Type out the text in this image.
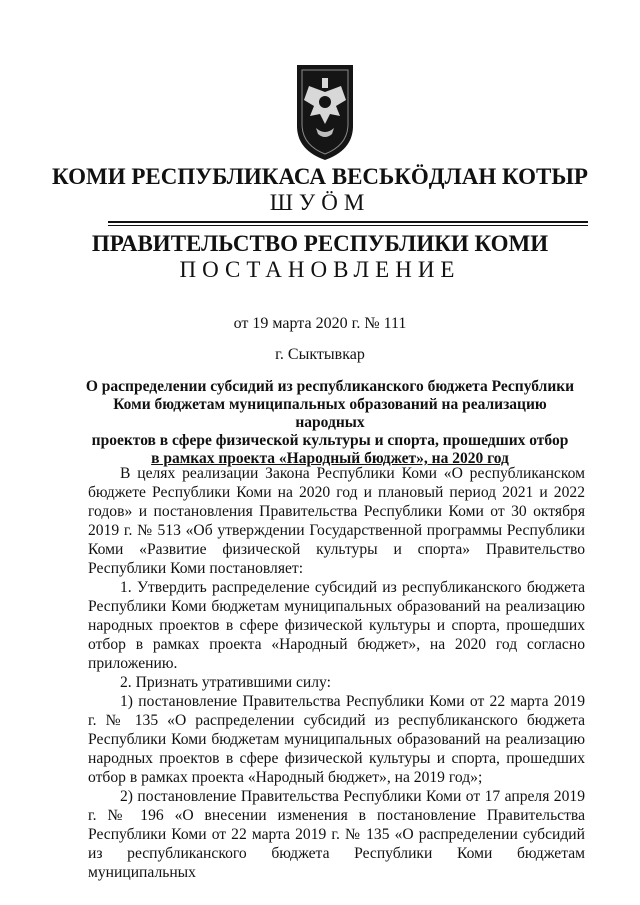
КОМИ РЕСПУБЛИКАСА ВЕСЬКӦДЛАН КОТЫР
ШУӦМ
ПРАВИТЕЛЬСТВО РЕСПУБЛИКИ КОМИ
ПОСТАНОВЛЕНИЕ
от 19 марта 2020 г. № 111
г. Сыктывкар
О распределении субсидий из республиканского бюджета Республики
Коми бюджетам муниципальных образований на реализацию народных
проектов в сфере физической культуры и спорта, прошедших отбор
в рамках проекта «Народный бюджет», на 2020 год

В целях реализации Закона Республики Коми «О республиканском бюджете Республики Коми на 2020 год и плановый период 2021 и 2022 годов» и постановления Правительства Республики Коми от 30 октября 2019 г. № 513 «Об утверждении Государственной программы Республики Коми «Развитие физической культуры и спорта» Правительство Республики Коми постановляет:

1. Утвердить распределение субсидий из республиканского бюджета Республики Коми бюджетам муниципальных образований на реализацию народных проектов в сфере физической культуры и спорта, прошедших отбор в рамках проекта «Народный бюджет», на 2020 год согласно приложению.

2. Признать утратившими силу:

1) постановление Правительства Республики Коми от 22 марта 2019 г. № 135 «О распределении субсидий из республиканского бюджета Республики Коми бюджетам муниципальных образований на реализацию народных проектов в сфере физической культуры и спорта, прошедших отбор в рамках проекта «Народный бюджет», на 2019 год»;

2) постановление Правительства Республики Коми от 17 апреля 2019 г. № 196 «О внесении изменения в постановление Правительства Республики Коми от 22 марта 2019 г. № 135 «О распределении субсидий из республиканского бюджета Республики Коми бюджетам муниципальных
